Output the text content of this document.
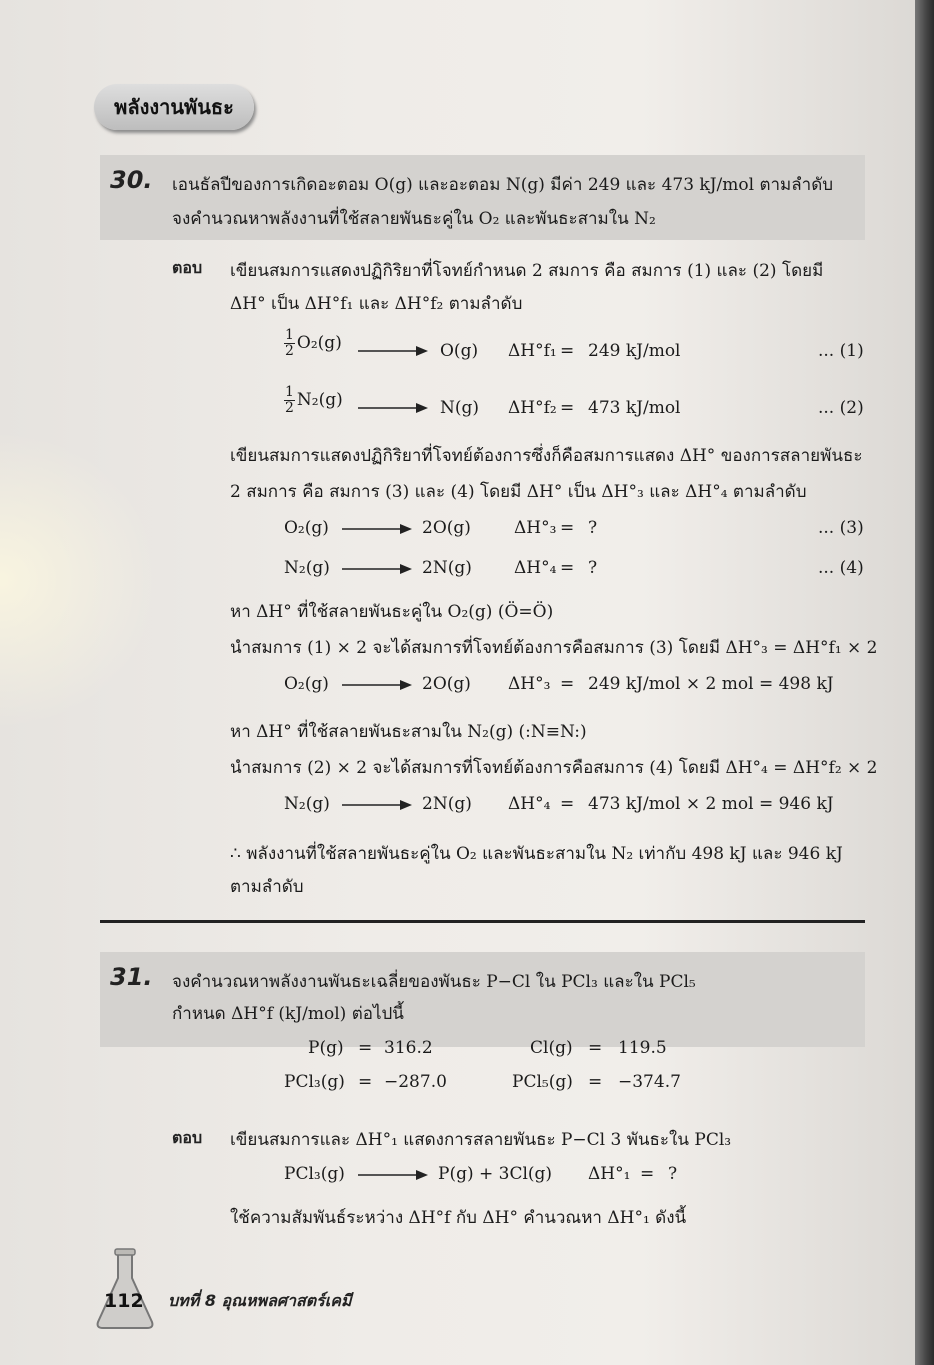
พลังงานพันธะ
30. เอนธัลปีของการเกิดอะตอม O(g) และอะตอม N(g) มีค่า 249 และ 473 kJ/mol ตามลำดับ
จงคำนวณหาพลังงานที่ใช้สลายพันธะคู่ใน O₂ และพันธะสามใน N₂
ตอบ เขียนสมการแสดงปฏิกิริยาที่โจทย์กำหนด 2 สมการ คือ สมการ (1) และ (2) โดยมี
ΔH° เป็น ΔH°f₁ และ ΔH°f₂ ตามลำดับ
$\frac{1}{2} O_2(g)$	O(g) ΔH°f₁ = 249 kJ/mol	... (1)
$\frac{1}{2} N_2(g)$	N(g) ΔH°f₂ = 473 kJ/mol	... (2)
เขียนสมการแสดงปฏิกิริยาที่โจทย์ต้องการซึ่งก็คือสมการแสดง ΔH° ของการสลายพันธะ
2 สมการ คือ สมการ (3) และ (4) โดยมี ΔH° เป็น ΔH°₃ และ ΔH°₄ ตามลำดับ
O₂(g)	2O(g)	ΔH°₃ = ?	... (3)
N₂(g)	2N(g) ΔH°₄ = ?	... (4)
หา ΔH° ที่ใช้สลายพันธะคู่ใน O₂(g) (Ö=Ö)
นำสมการ (1) × 2 จะได้สมการที่โจทย์ต้องการคือสมการ (3) โดยมี ΔH°₃ = ΔH°f₁ × 2
O₂(g)	2O(g) ΔH°₃ = 249 kJ/mol × 2 mol = 498 kJ
หา ΔH° ที่ใช้สลายพันธะสามใน N₂(g) (:N≡N:)
นำสมการ (2) × 2 จะได้สมการที่โจทย์ต้องการคือสมการ (4) โดยมี ΔH°₄ = ΔH°f₂ × 2
N₂(g)	2N(g) ΔH°₄ = 473 kJ/mol × 2 mol = 946 kJ
∴ พลังงานที่ใช้สลายพันธะคู่ใน O₂ และพันธะสามใน N₂ เท่ากับ 498 kJ และ 946 kJ
ตามลำดับ
31. จงคำนวณหาพลังงานพันธะเฉลี่ยของพันธะ P−Cl ใน PCl₃ และใน PCl₅
กำหนด ΔH°f (kJ/mol) ต่อไปนี้
P(g) = 316.2	Cl(g) = 119.5
PCl₃(g) = −287.0	PCl₅(g) = −374.7
ตอบ เขียนสมการและ ΔH°₁ แสดงการสลายพันธะ P−Cl 3 พันธะใน PCl₃
PCl₃(g)	P(g) + 3Cl(g) ΔH°₁ = ?
ใช้ความสัมพันธ์ระหว่าง ΔH°f กับ ΔH° คำนวณหา ΔH°₁ ดังนี้
112 บทที่ 8 อุณหพลศาสตร์เคมี
